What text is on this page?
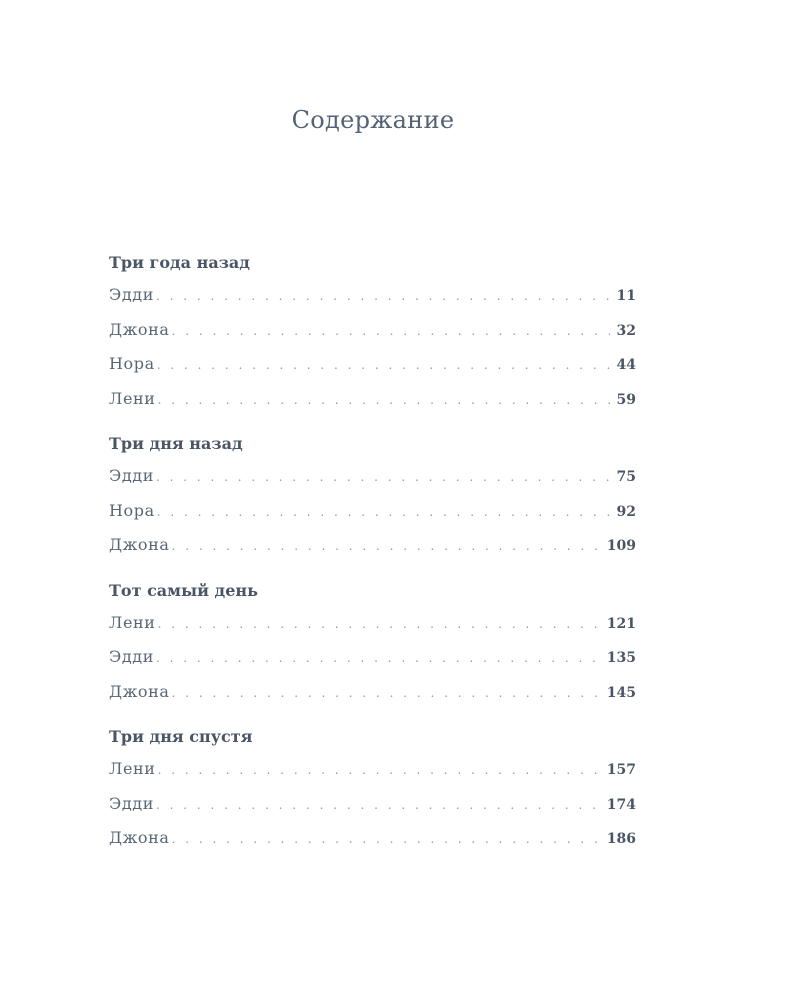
Содержание
Три года назад
Эдди . . .	11
Джона . . .	32
Нора . . .	44
Лени . . .	59
Три дня назад
Эдди . . .	75
Нора . . .	92
Джона . . .	109
Тот самый день
Лени . . .	121
Эдди . . .	135
Джона . . .	145
Три дня спустя
Лени . . .	157
Эдди . . .	174
Джона . . .	186
